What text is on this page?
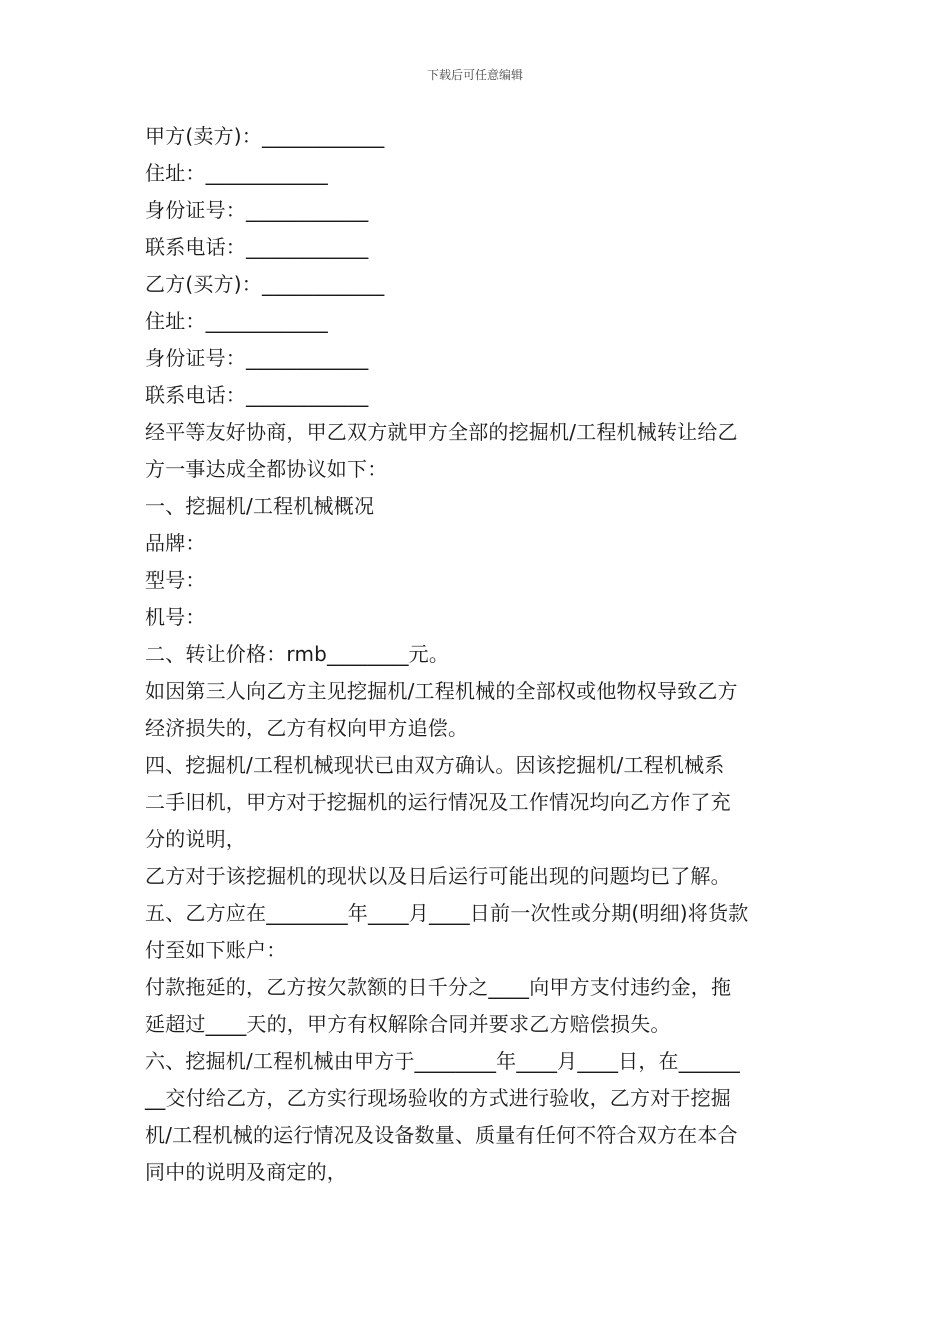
下载后可任意编辑
甲方(卖方)：____________
住址：____________
身份证号：____________
联系电话：____________
乙方(买方)：____________
住址：____________
身份证号：____________
联系电话：____________
经平等友好协商，甲乙双方就甲方全部的挖掘机/工程机械转让给乙
方一事达成全都协议如下：
一、挖掘机/工程机械概况
品牌：
型号：
机号：
二、转让价格：rmb________元。
如因第三人向乙方主见挖掘机/工程机械的全部权或他物权导致乙方
经济损失的，乙方有权向甲方追偿。
四、挖掘机/工程机械现状已由双方确认。因该挖掘机/工程机械系
二手旧机，甲方对于挖掘机的运行情况及工作情况均向乙方作了充
分的说明，
乙方对于该挖掘机的现状以及日后运行可能出现的问题均已了解。
五、乙方应在________年____月____日前一次性或分期(明细)将货款
付至如下账户：
付款拖延的，乙方按欠款额的日千分之____向甲方支付违约金，拖
延超过____天的，甲方有权解除合同并要求乙方赔偿损失。
六、挖掘机/工程机械由甲方于________年____月____日，在______
__交付给乙方，乙方实行现场验收的方式进行验收，乙方对于挖掘
机/工程机械的运行情况及设备数量、质量有任何不符合双方在本合
同中的说明及商定的，
